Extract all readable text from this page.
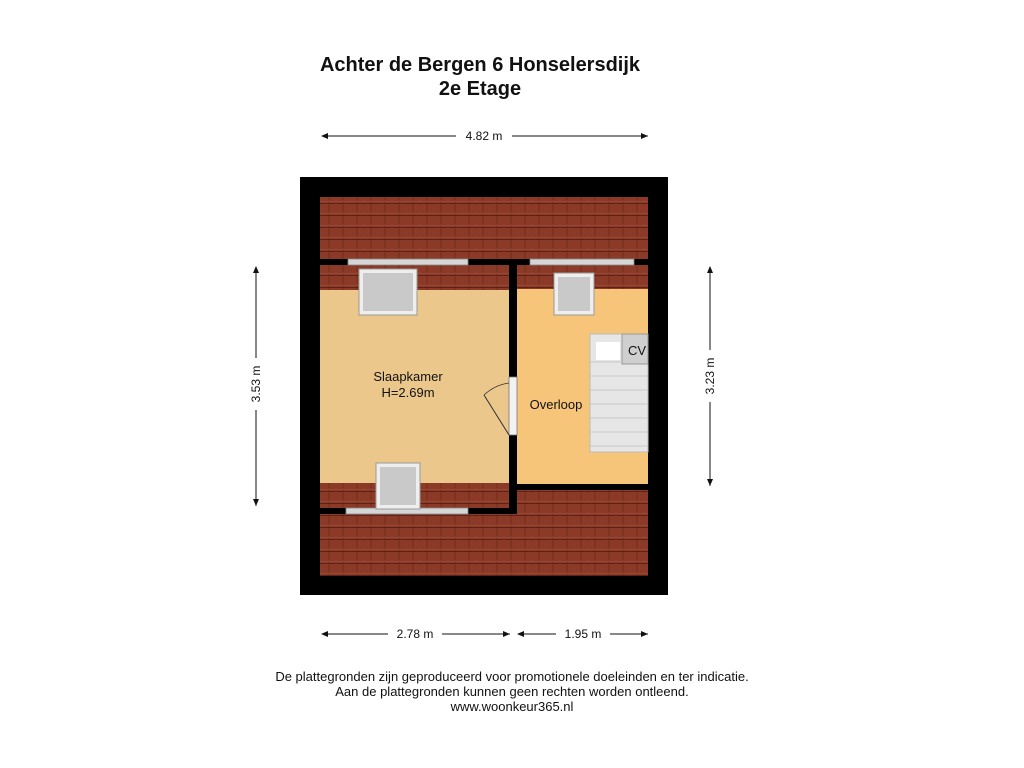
Achter de Bergen 6 Honselersdijk
2e Etage
CV
Slaapkamer
H=2.69m
Overloop
4.82 m
3.53 m	3.23 m
2.78 m	1.95 m
De plattegronden zijn geproduceerd voor promotionele doeleinden en ter indicatie.
Aan de plattegronden kunnen geen rechten worden ontleend.
www.woonkeur365.nl
